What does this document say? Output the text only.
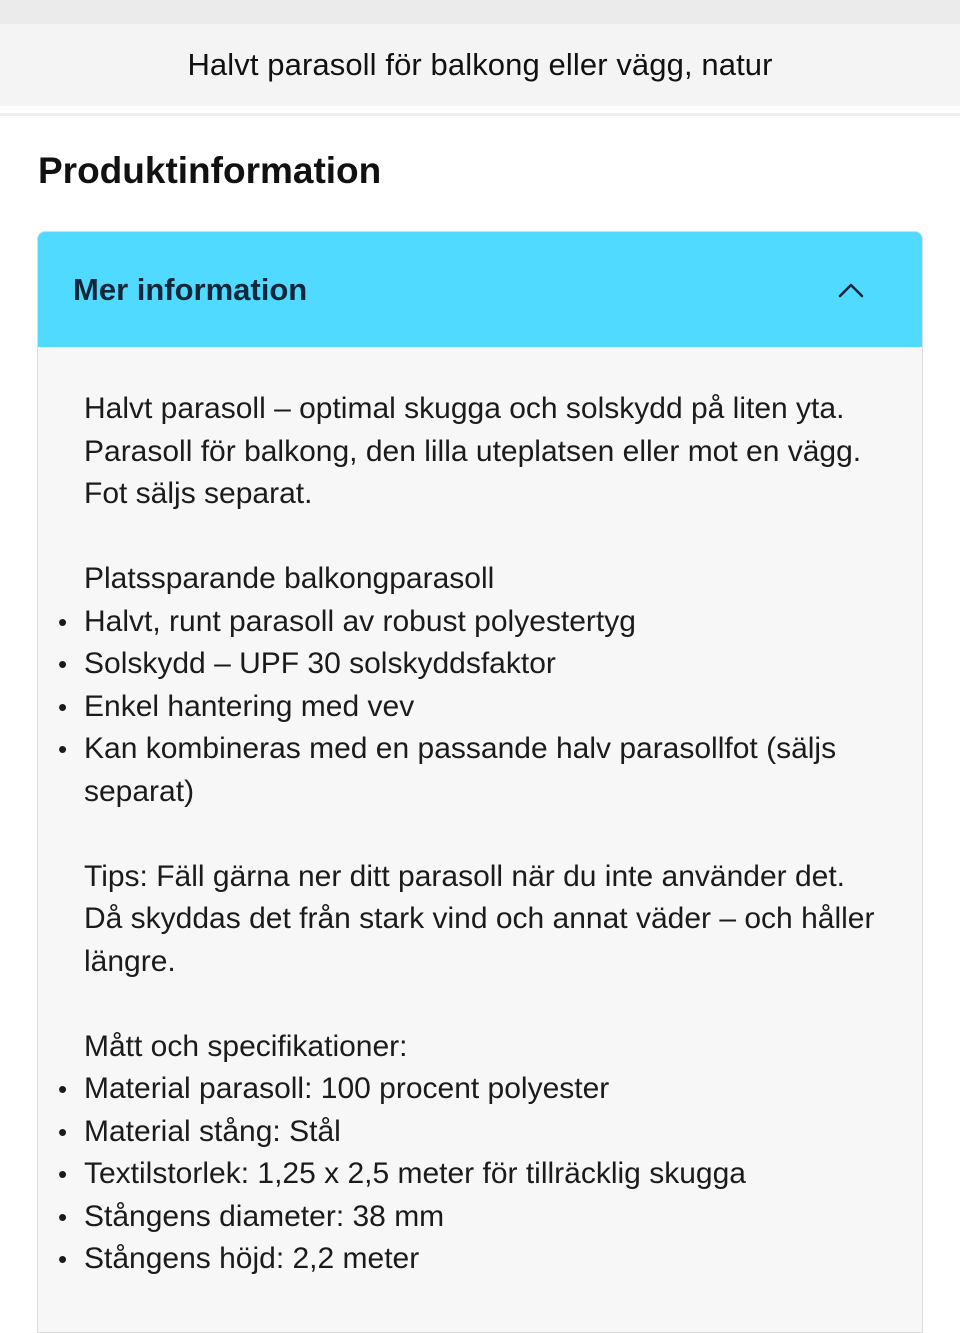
Halvt parasoll för balkong eller vägg, natur
Produktinformation
Mer information

Halvt parasoll – optimal skugga och solskydd på liten yta. Parasoll för balkong, den lilla uteplatsen eller mot en vägg. Fot säljs separat.

Platssparande balkongparasoll

• Halvt, runt parasoll av robust polyestertyg
• Solskydd – UPF 30 solskyddsfaktor
• Enkel hantering med vev
• Kan kombineras med en passande halv parasollfot (säljs separat)

Tips: Fäll gärna ner ditt parasoll när du inte använder det. Då skyddas det från stark vind och annat väder – och håller längre.

Mått och specifikationer:

• Material parasoll: 100 procent polyester
• Material stång: Stål
• Textilstorlek: 1,25 x 2,5 meter för tillräcklig skugga
• Stångens diameter: 38 mm
• Stångens höjd: 2,2 meter
